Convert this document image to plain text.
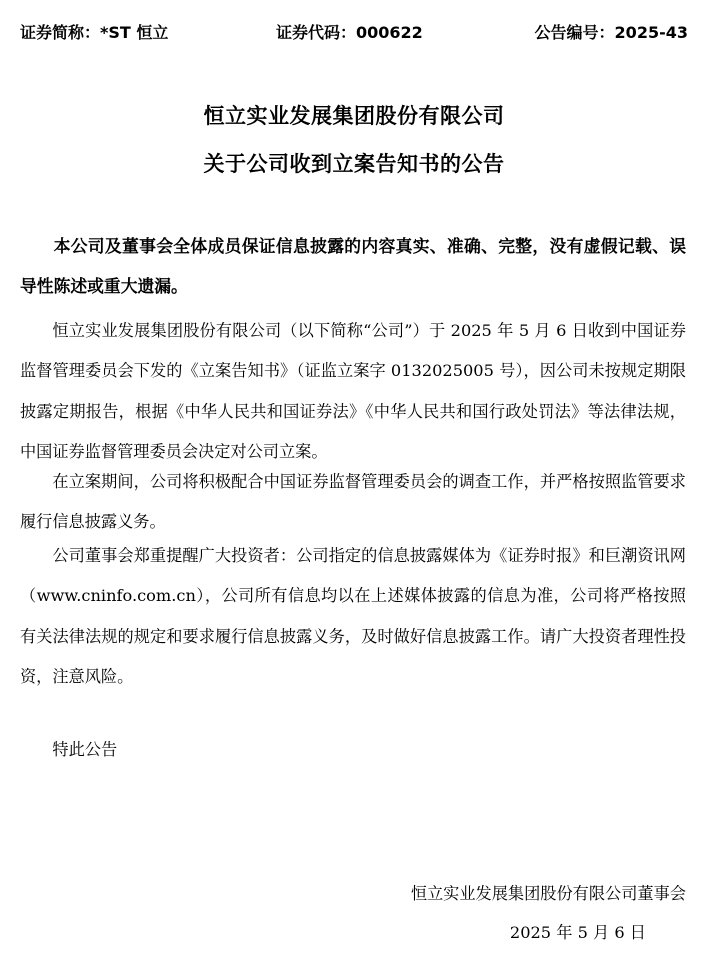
证券简称：*ST 恒立	证券代码：000622	公告编号：2025-43
恒立实业发展集团股份有限公司
关于公司收到立案告知书的公告

本公司及董事会全体成员保证信息披露的内容真实、准确、完整，没有虚假记载、误导性陈述或重大遗漏。

恒立实业发展集团股份有限公司（以下简称“公司”）于 2025 年 5 月 6 日收到中国证券监督管理委员会下发的《立案告知书》（证监立案字 0132025005 号），因公司未按规定期限披露定期报告，根据《中华人民共和国证券法》《中华人民共和国行政处罚法》等法律法规，中国证券监督管理委员会决定对公司立案。

在立案期间，公司将积极配合中国证券监督管理委员会的调查工作，并严格按照监管要求履行信息披露义务。

公司董事会郑重提醒广大投资者：公司指定的信息披露媒体为《证券时报》和巨潮资讯网（www.cninfo.com.cn），公司所有信息均以在上述媒体披露的信息为准，公司将严格按照有关法律法规的规定和要求履行信息披露义务，及时做好信息披露工作。请广大投资者理性投资，注意风险。

特此公告

恒立实业发展集团股份有限公司董事会
2025 年 5 月 6 日
